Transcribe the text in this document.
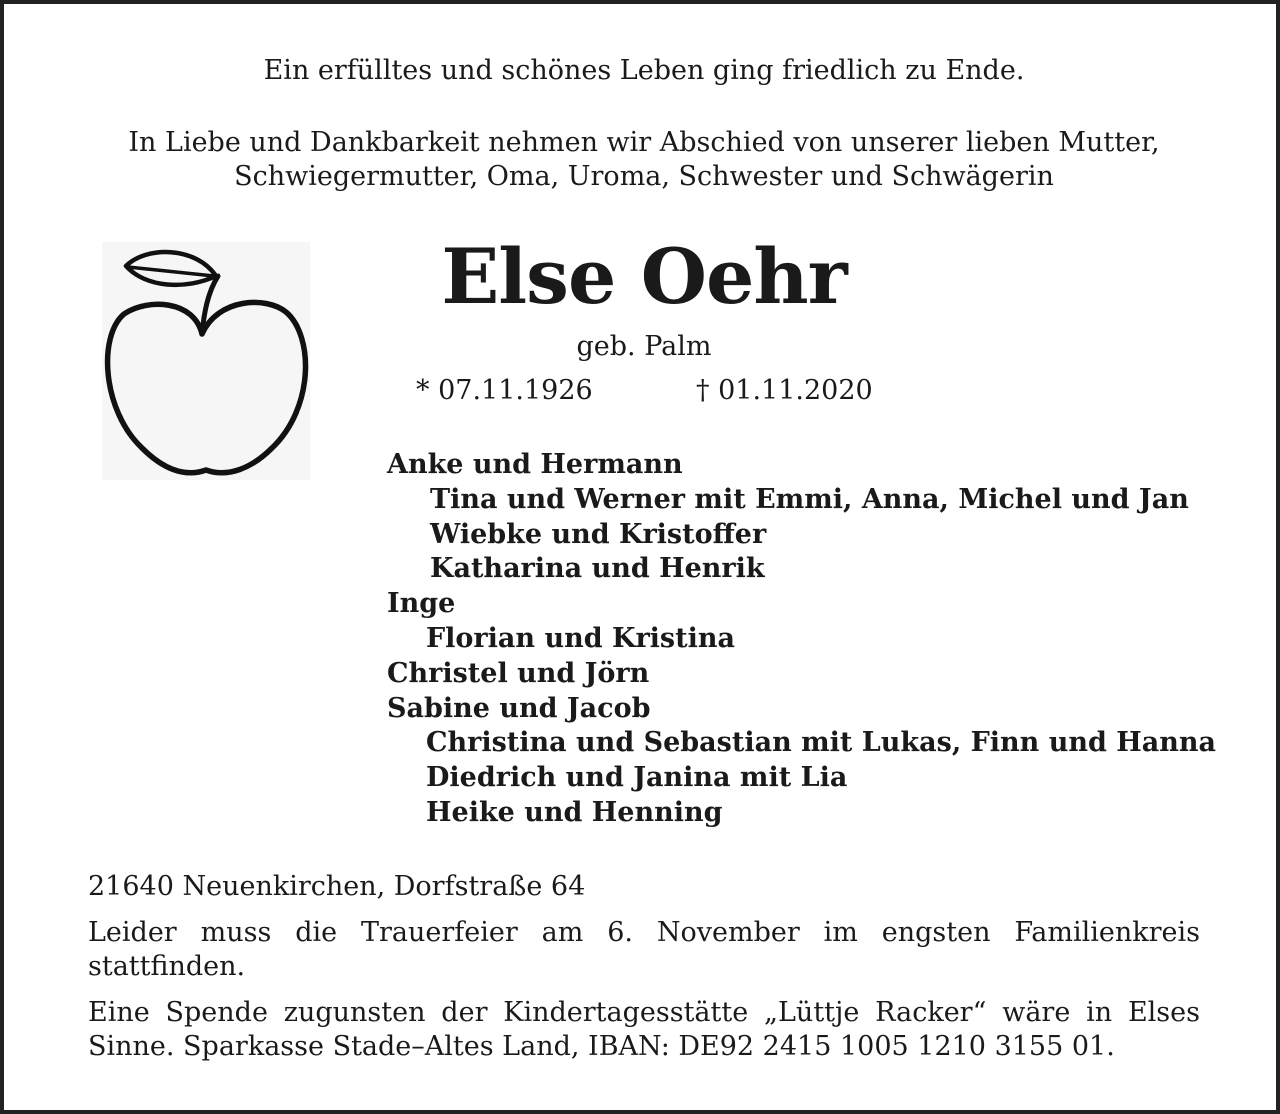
Ein erfülltes und schönes Leben ging friedlich zu Ende.
In Liebe und Dankbarkeit nehmen wir Abschied von unserer lieben Mutter,
Schwiegermutter, Oma, Uroma, Schwester und Schwägerin
Else Oehr
geb. Palm
* 07.11.1926	† 01.11.2020
Anke und Hermann
Tina und Werner mit Emmi, Anna, Michel und Jan
Wiebke und Kristoffer
Katharina und Henrik
Inge
Florian und Kristina
Christel und Jörn
Sabine und Jacob
Christina und Sebastian mit Lukas, Finn und Hanna
Diedrich und Janina mit Lia
Heike und Henning
21640 Neuenkirchen, Dorfstraße 64
Leider muss die Trauerfeier am 6. November im engsten Familienkreis stattfinden.
Eine Spende zugunsten der Kindertagesstätte „Lüttje Racker“ wäre in Elses Sinne. Sparkasse Stade–Altes Land, IBAN: DE92 2415 1005 1210 3155 01.
